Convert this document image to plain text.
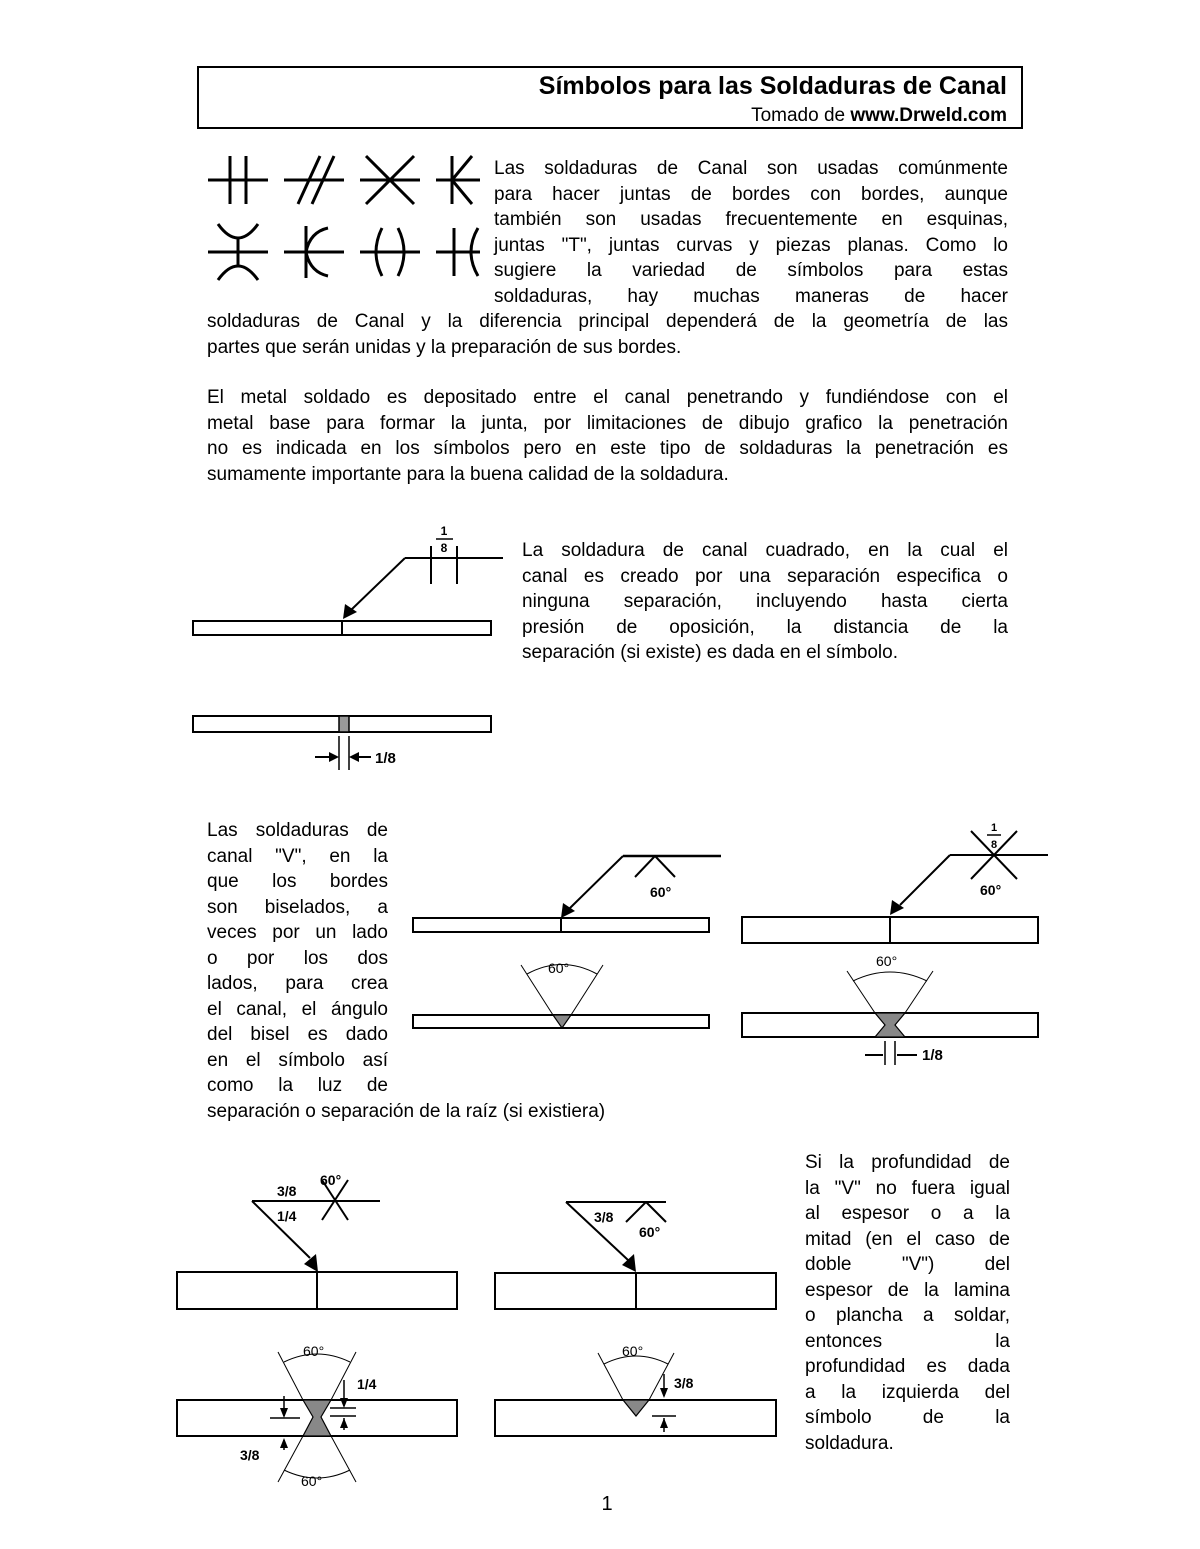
Símbolos para las Soldaduras de Canal
Tomado de www.Drweld.com
Las soldaduras de Canal son usadas comúnmente
para hacer juntas de bordes con bordes, aunque
también son usadas frecuentemente en esquinas,
juntas "T", juntas curvas y piezas planas. Como lo
sugiere la variedad de símbolos para estas
soldaduras, hay muchas maneras de hacer
soldaduras de Canal y la diferencia principal dependerá de la geometría de las
partes que serán unidas y la preparación de sus bordes.
El metal soldado es depositado entre el canal penetrando y fundiéndose con el
metal base para formar la junta, por limitaciones de dibujo grafico la penetración
no es indicada en los símbolos pero en este tipo de soldaduras la penetración es
sumamente importante para la buena calidad de la soldadura.
1
8
1/8
La soldadura de canal cuadrado, en la cual el
canal es creado por una separación especifica o
ninguna separación, incluyendo hasta cierta
presión de oposición, la distancia de la
separación (si existe) es dada en el símbolo.
Las soldaduras de
canal "V", en la
que los bordes
son biselados, a
veces por un lado
o por los dos
lados, para crea
el canal, el ángulo
del bisel es dado
en el símbolo así
como la luz de
separación o separación de la raíz (si existiera)
60°
60°
1
8
60°
60°
1/8
60°
3/8
1/4
60°
60°
1/4
3/8
3/8
60°
60°
3/8
Si la profundidad de
la "V" no fuera igual
al espesor o a la
mitad (en el caso de
doble "V") del
espesor de la lamina
o plancha a soldar,
entonces la
profundidad es dada
a la izquierda del
símbolo de la
soldadura.
1
